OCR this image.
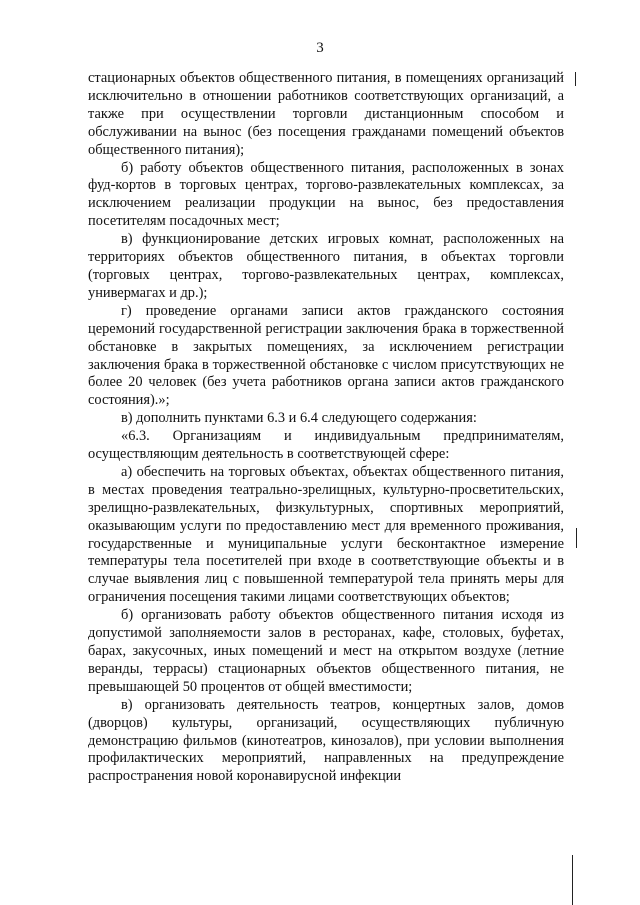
3

стационарных объектов общественного питания, в помещениях организаций исключительно в отношении работников соответствующих организаций, а также при осуществлении торговли дистанционным способом и обслуживании на вынос (без посещения гражданами помещений объектов общественного питания);

б) работу объектов общественного питания, расположенных в зонах фуд-кортов в торговых центрах, торгово-развлекательных комплексах, за исключением реализации продукции на вынос, без предоставления посетителям посадочных мест;

в) функционирование детских игровых комнат, расположенных на территориях объектов общественного питания, в объектах торговли (торговых центрах, торгово-развлекательных центрах, комплексах, универмагах и др.);

г) проведение органами записи актов гражданского состояния церемоний государственной регистрации заключения брака в торжественной обстановке в закрытых помещениях, за исключением регистрации заключения брака в торжественной обстановке с числом присутствующих не более 20 человек (без учета работников органа записи актов гражданского состояния).»;

в) дополнить пунктами 6.3 и 6.4 следующего содержания:

«6.3. Организациям и индивидуальным предпринимателям, осуществляющим деятельность в соответствующей сфере:

а) обеспечить на торговых объектах, объектах общественного питания, в местах проведения театрально-зрелищных, культурно-просветительских, зрелищно-развлекательных, физкультурных, спортивных мероприятий, оказывающим услуги по предоставлению мест для временного проживания, государственные и муниципальные услуги бесконтактное измерение температуры тела посетителей при входе в соответствующие объекты и в случае выявления лиц с повышенной температурой тела принять меры для ограничения посещения такими лицами соответствующих объектов;

б) организовать работу объектов общественного питания исходя из допустимой заполняемости залов в ресторанах, кафе, столовых, буфетах, барах, закусочных, иных помещений и мест на открытом воздухе (летние веранды, террасы) стационарных объектов общественного питания, не превышающей 50 процентов от общей вместимости;

в) организовать деятельность театров, концертных залов, домов (дворцов) культуры, организаций, осуществляющих публичную демонстрацию фильмов (кинотеатров, кинозалов), при условии выполнения профилактических мероприятий, направленных на предупреждение распространения новой коронавирусной инфекции
